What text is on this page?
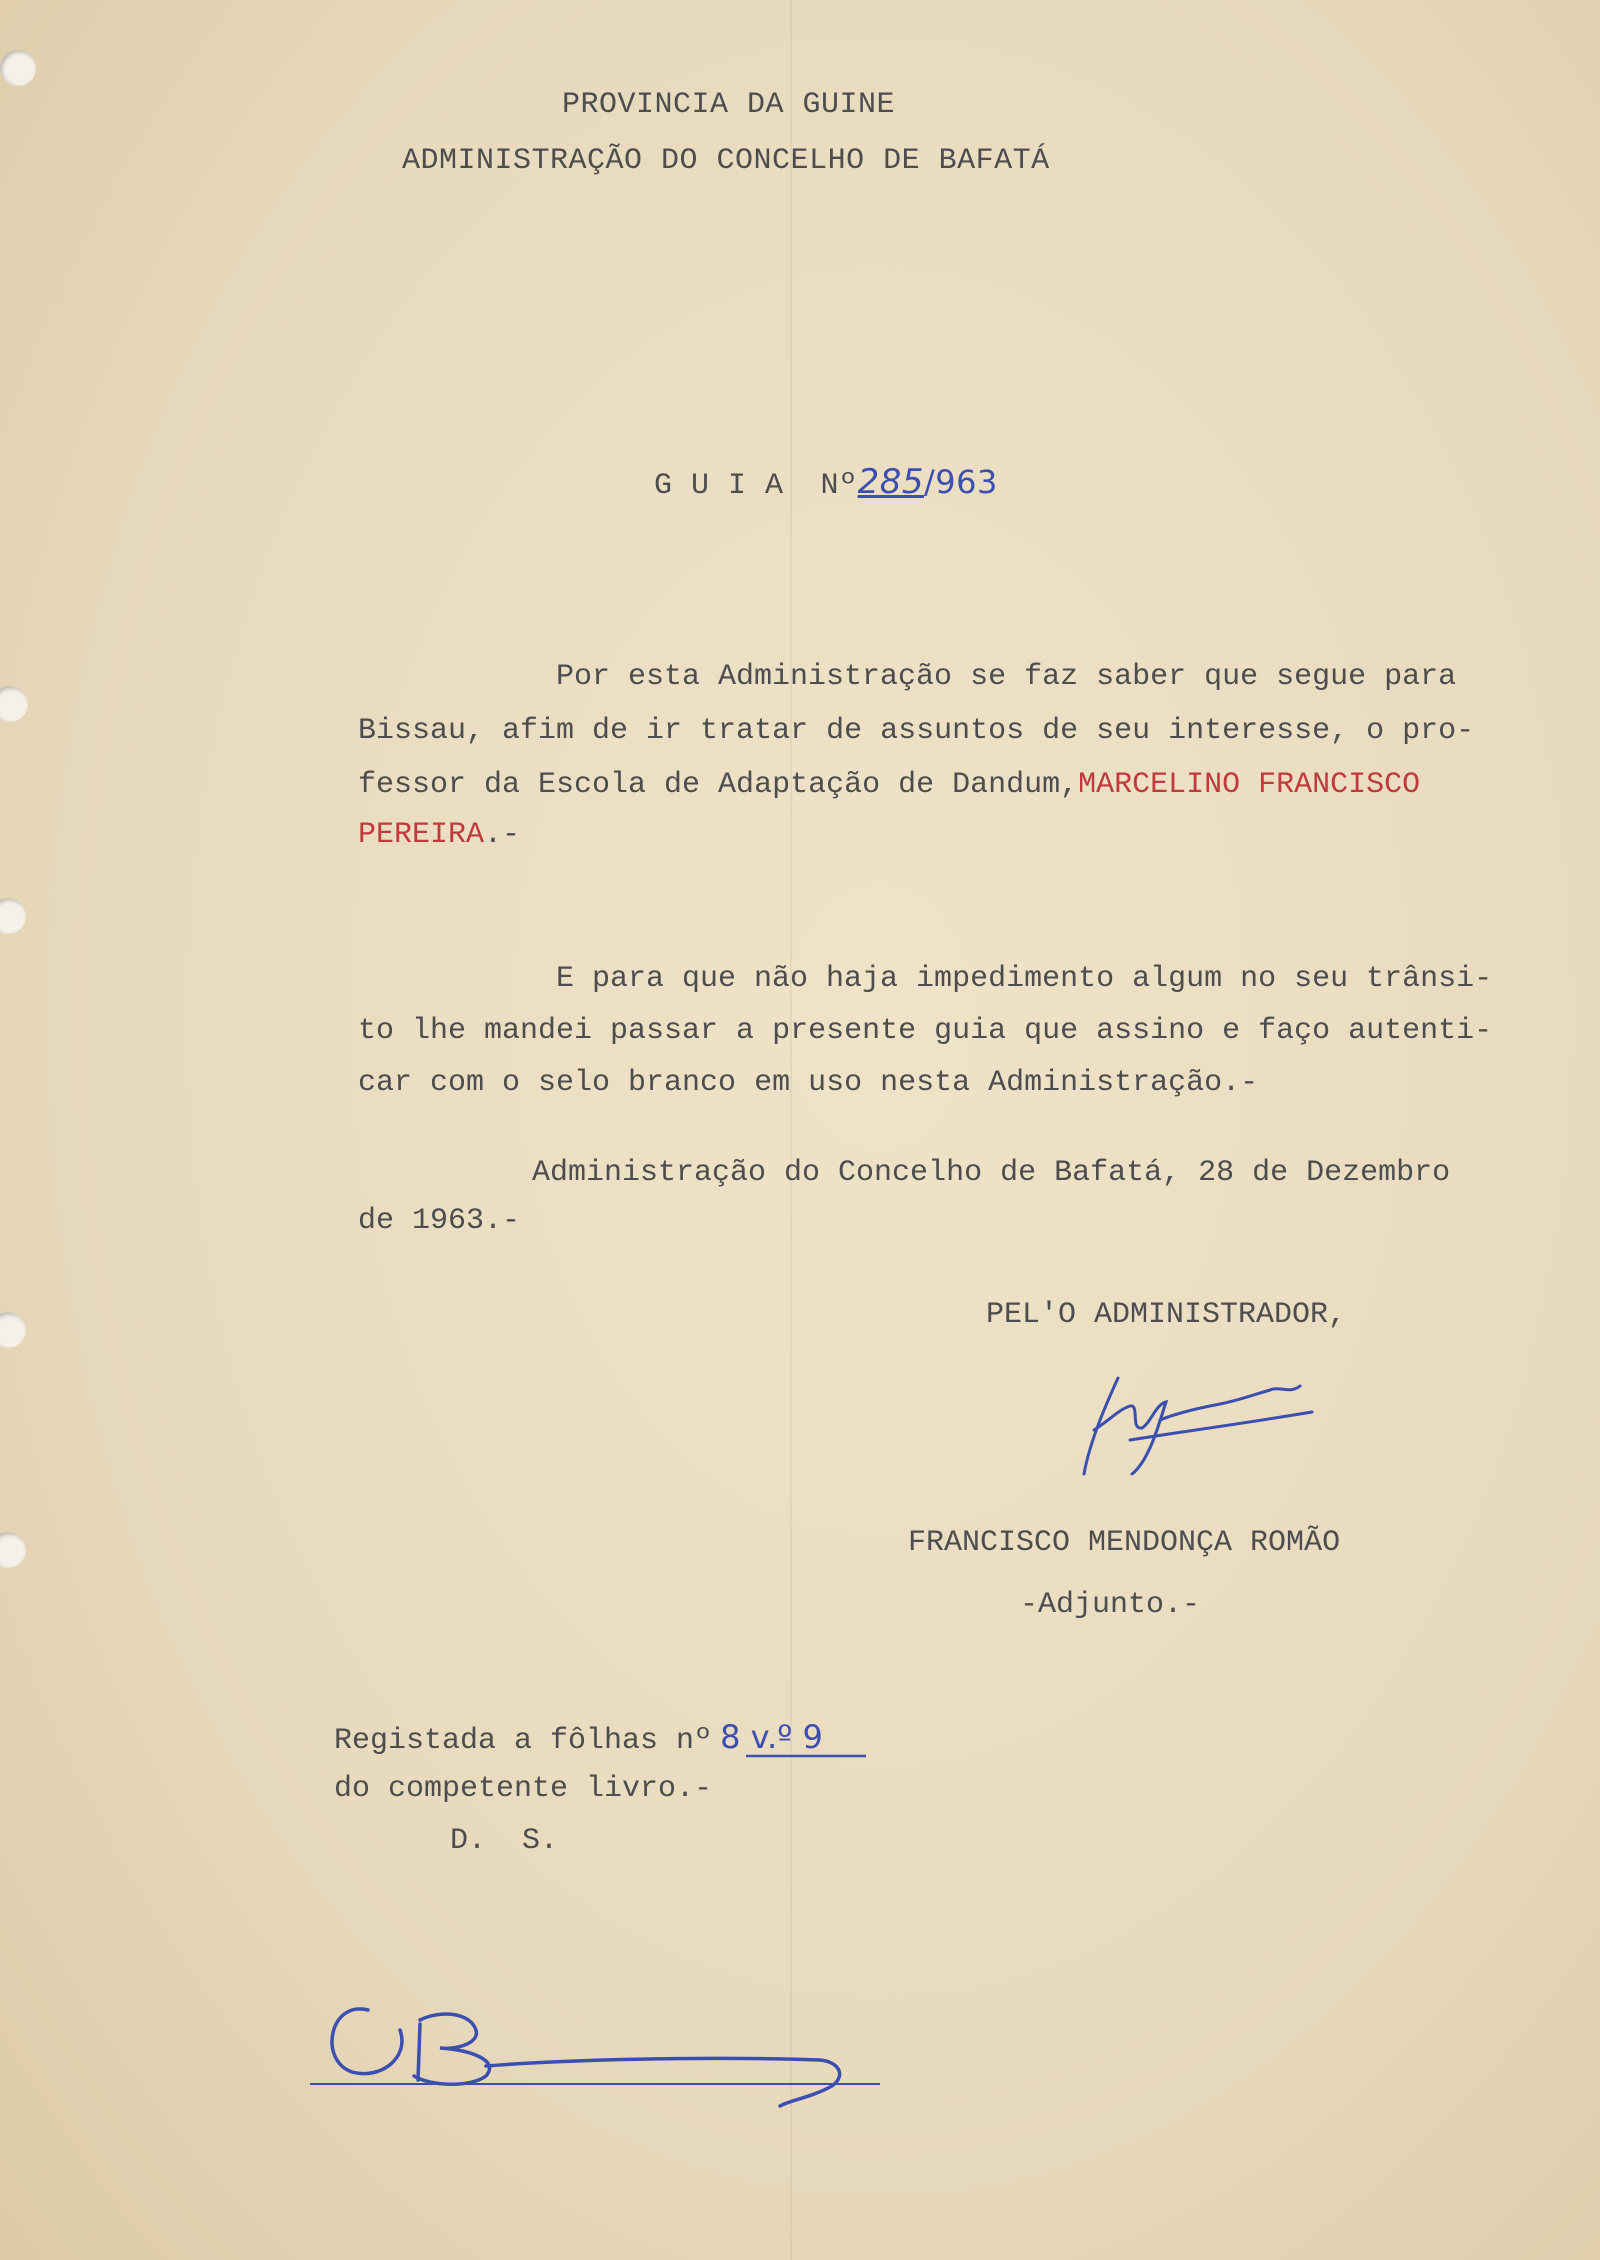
PROVINCIA DA GUINE
ADMINISTRAÇÃO DO CONCELHO DE BAFATÁ

G U I A  Nº285/963

Por esta Administração se faz saber que segue para
Bissau, afim de ir tratar de assuntos de seu interesse, o pro-
fessor da Escola de Adaptação de Dandum,MARCELINO FRANCISCO
PEREIRA.-
E para que não haja impedimento algum no seu trânsi-
to lhe mandei passar a presente guia que assino e faço autenti-
car com o selo branco em uso nesta Administração.-
Administração do Concelho de Bafatá, 28 de Dezembro
de 1963.-
PEL'O ADMINISTRADOR,
FRANCISCO MENDONÇA ROMÃO
-Adjunto.-
Registada a fôlhas nº 8 v.º 9
do competente livro.-
D.  S.
